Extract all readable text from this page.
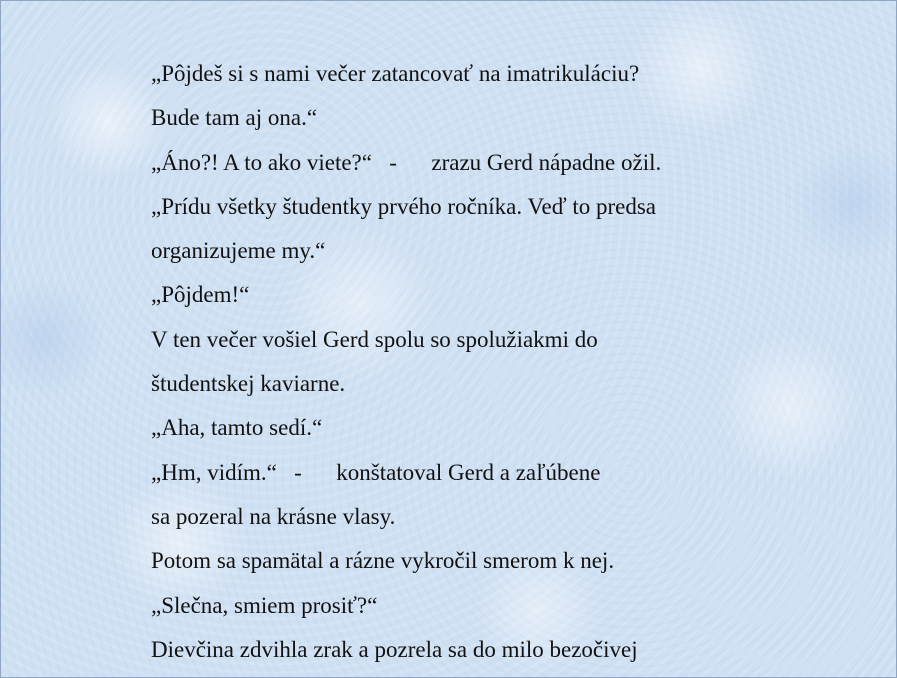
„Pôjdeš si s nami večer zatancovať na imatrikuláciu?
Bude tam aj ona.“
„Áno?! A to ako viete?“   -      zrazu Gerd nápadne ožil.
„Prídu všetky študentky prvého ročníka. Veď to predsa
organizujeme my.“
„Pôjdem!“
V ten večer vošiel Gerd spolu so spolužiakmi do
študentskej kaviarne.
„Aha, tamto sedí.“
„Hm, vidím.“   -      konštatoval Gerd a zaľúbene
sa pozeral na krásne vlasy.
Potom sa spamätal a rázne vykročil smerom k nej.
„Slečna, smiem prosiť?“
Dievčina zdvihla zrak a pozrela sa do milo bezočivej
